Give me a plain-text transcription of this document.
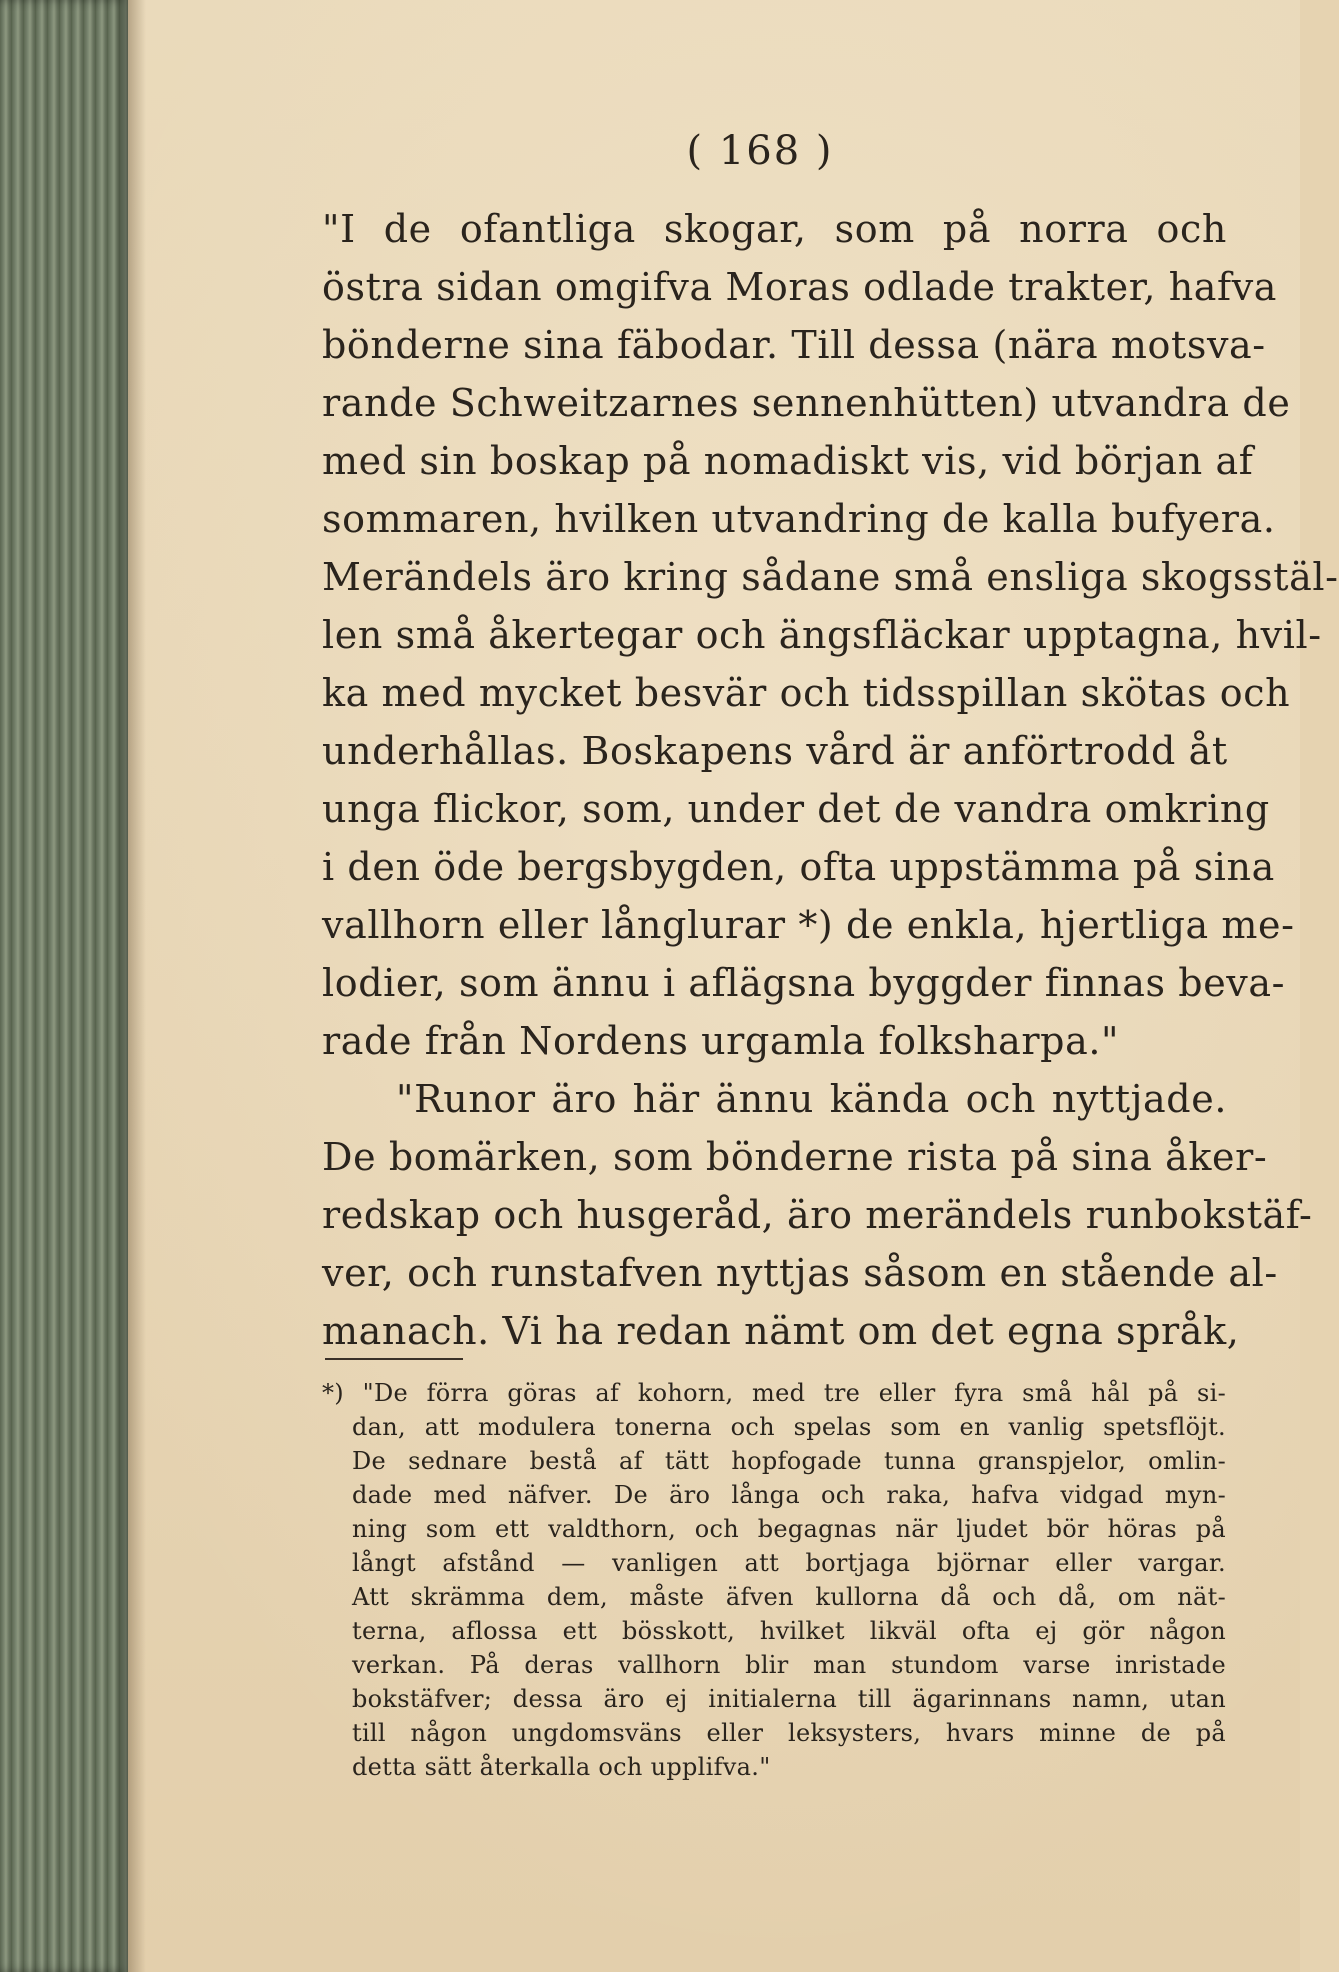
( 168 )
"I de ofantliga skogar, som på norra och
östra sidan omgifva Moras odlade trakter, hafva
bönderne sina fäbodar. Till dessa (nära motsva-
rande Schweitzarnes sennenhütten) utvandra de
med sin boskap på nomadiskt vis, vid början af
sommaren, hvilken utvandring de kalla bufyera.
Merändels äro kring sådane små ensliga skogsstäl-
len små åkertegar och ängsfläckar upptagna, hvil-
ka med mycket besvär och tidsspillan skötas och
underhållas. Boskapens vård är anförtrodd åt
unga flickor, som, under det de vandra omkring
i den öde bergsbygden, ofta uppstämma på sina
vallhorn eller långlurar *) de enkla, hjertliga me-
lodier, som ännu i aflägsna byggder finnas beva-
rade från Nordens urgamla folksharpa."
"Runor äro här ännu kända och nyttjade.
De bomärken, som bönderne rista på sina åker-
redskap och husgeråd, äro merändels runbokstäf-
ver, och runstafven nyttjas såsom en stående al-
manach. Vi ha redan nämt om det egna språk,
*) "De förra göras af kohorn, med tre eller fyra små hål på si-
dan, att modulera tonerna och spelas som en vanlig spetsflöjt.
De sednare bestå af tätt hopfogade tunna granspjelor, omlin-
dade med näfver. De äro långa och raka, hafva vidgad myn-
ning som ett valdthorn, och begagnas när ljudet bör höras på
långt afstånd — vanligen att bortjaga björnar eller vargar.
Att skrämma dem, måste äfven kullorna då och då, om nät-
terna, aflossa ett bösskott, hvilket likväl ofta ej gör någon
verkan. På deras vallhorn blir man stundom varse inristade
bokstäfver; dessa äro ej initialerna till ägarinnans namn, utan
till någon ungdomsväns eller leksysters, hvars minne de på
detta sätt återkalla och upplifva."
